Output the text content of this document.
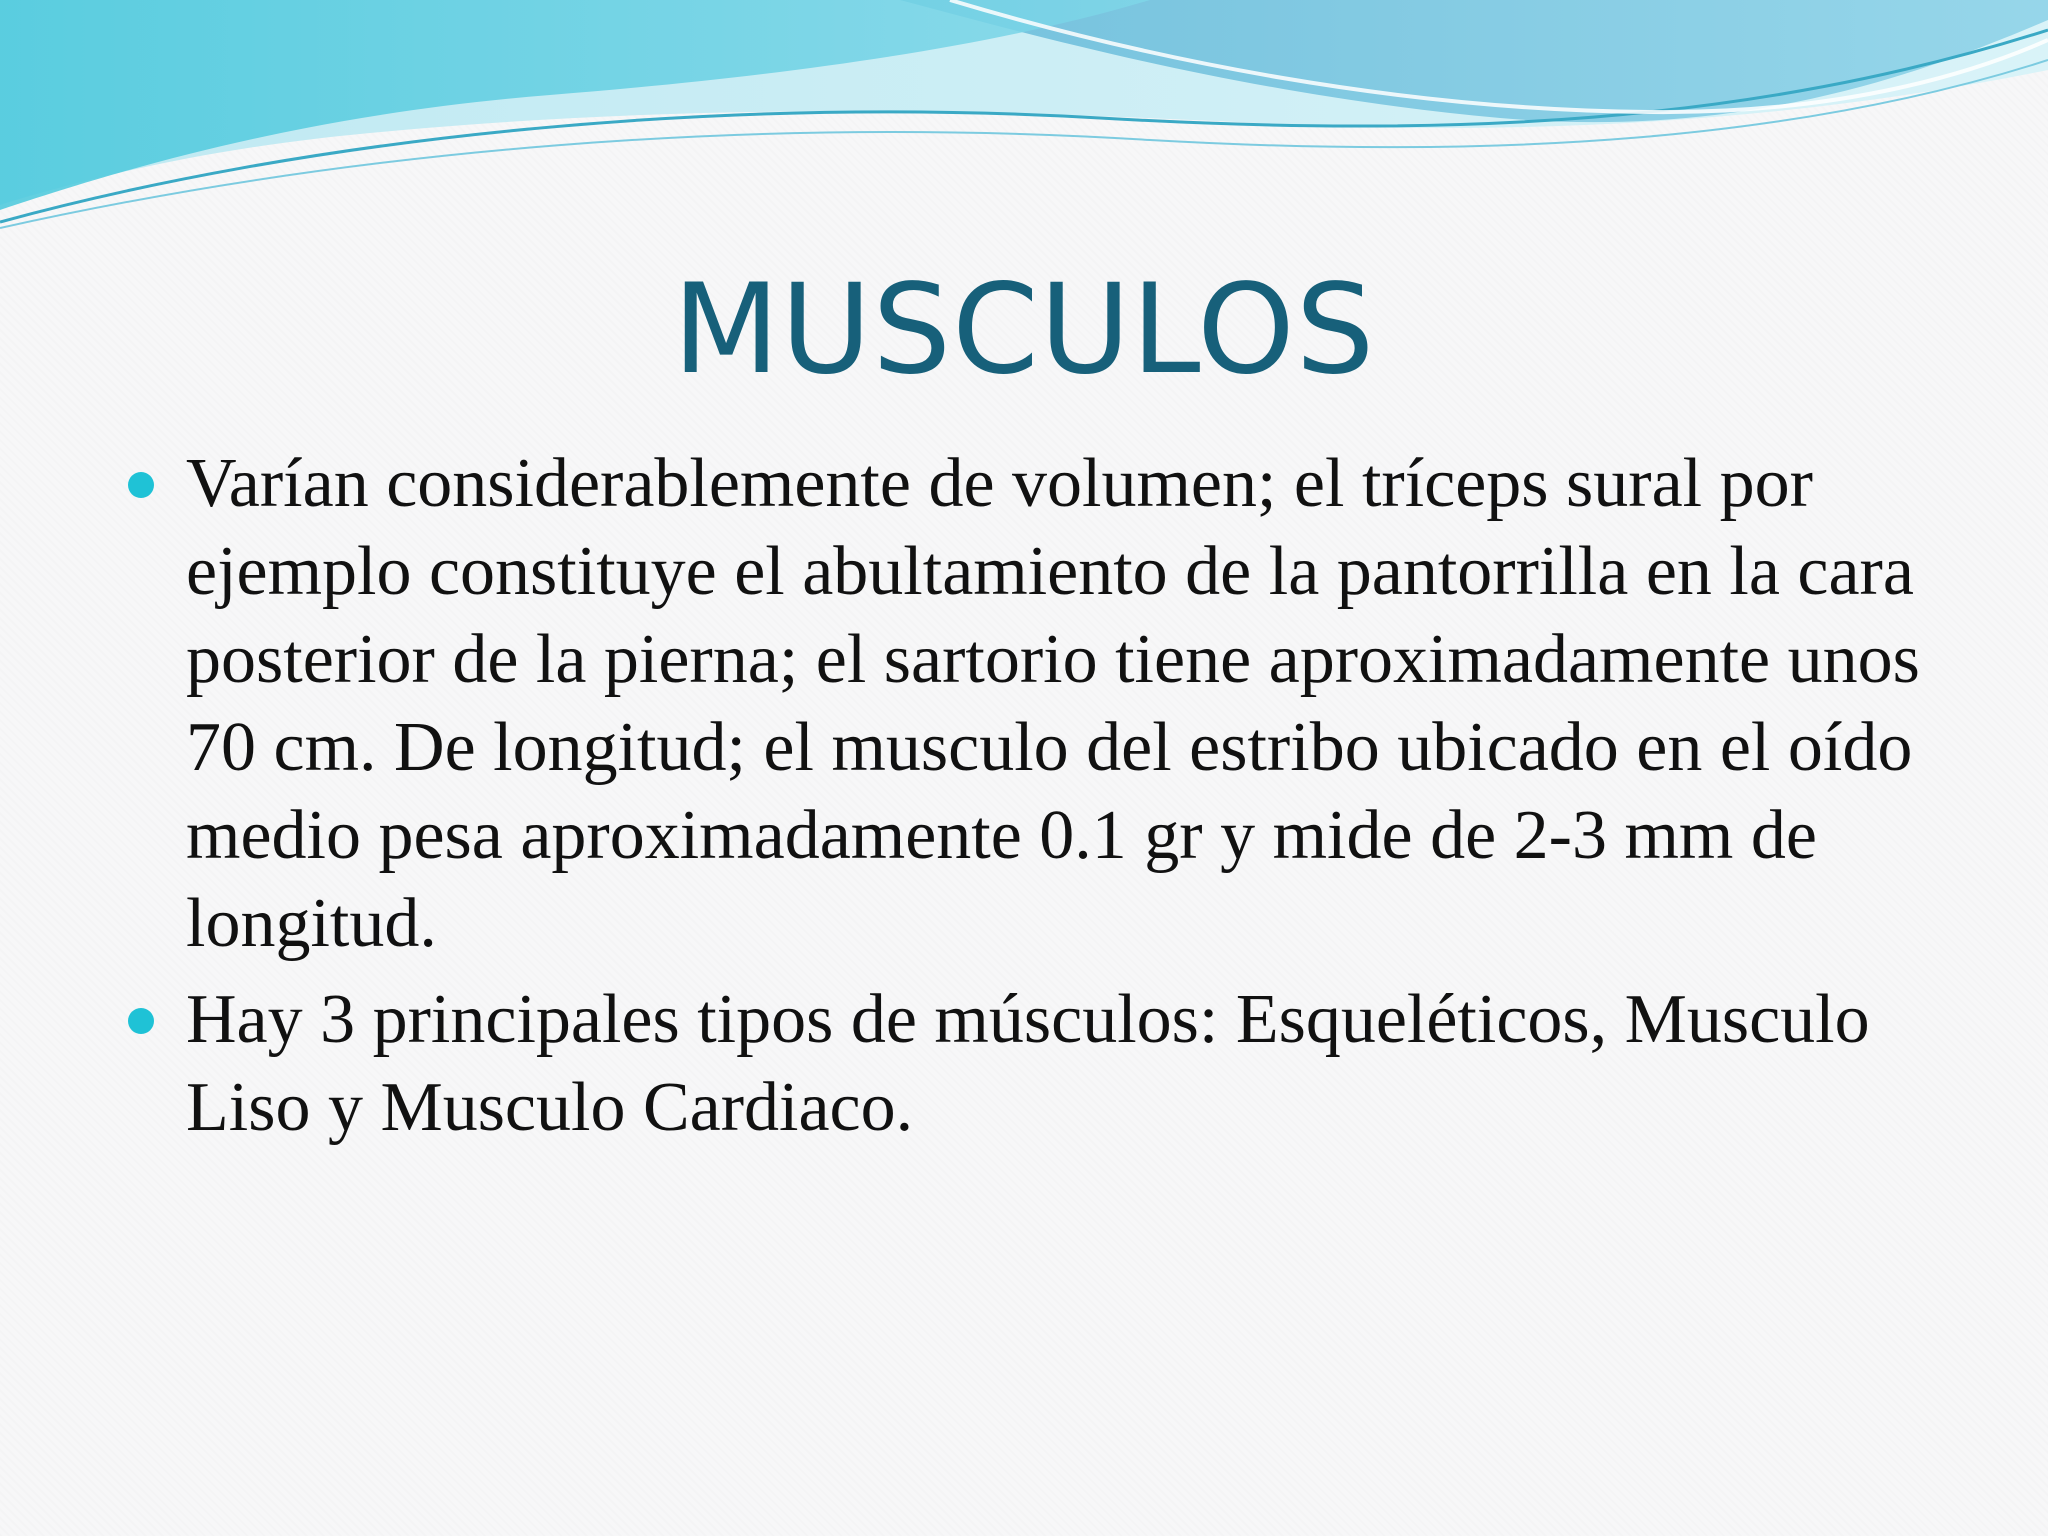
MUSCULOS
Varían considerablemente de volumen; el tríceps sural por ejemplo constituye el abultamiento de la pantorrilla en la cara posterior de la pierna; el sartorio tiene aproximadamente unos 70 cm. De longitud; el musculo del estribo ubicado en el oído medio pesa aproximadamente 0.1 gr y mide de 2-3 mm de longitud.
Hay 3 principales tipos de músculos: Esqueléticos, Musculo Liso y Musculo Cardiaco.
